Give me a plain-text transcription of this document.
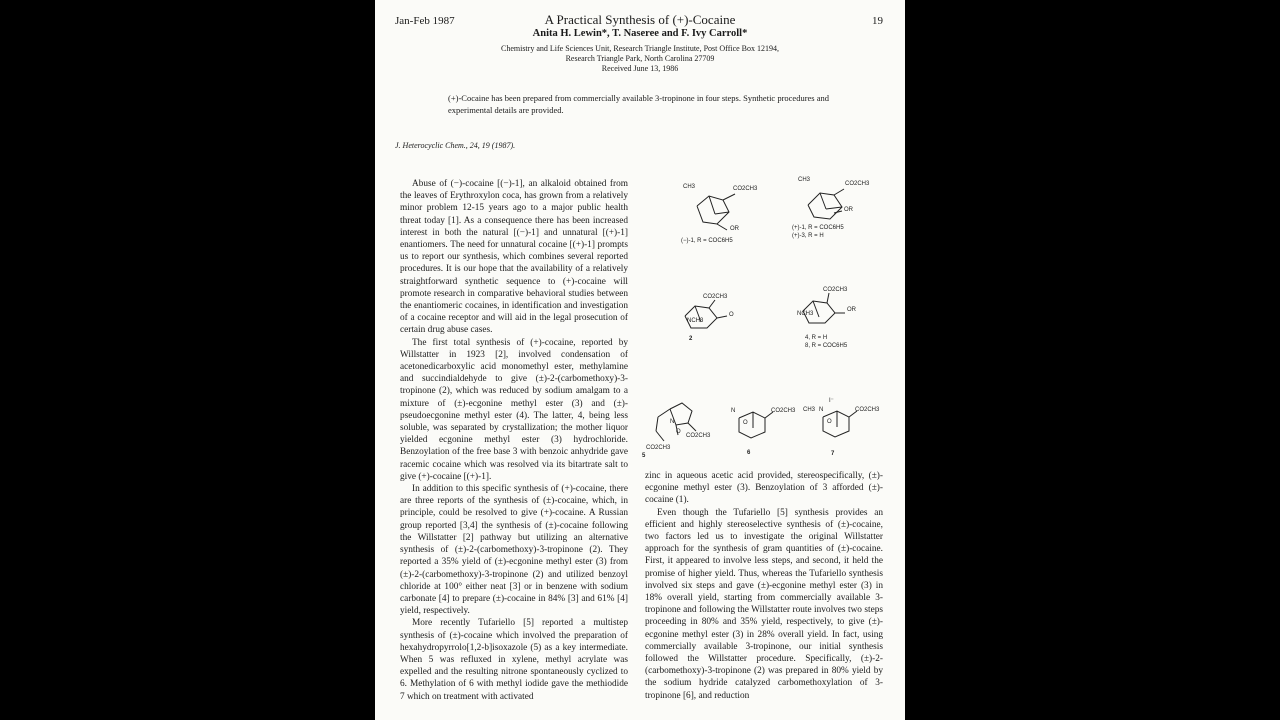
Jan-Feb 1987	A Practical Synthesis of (+)-Cocaine	19
Anita H. Lewin*, T. Naseree and F. Ivy Carroll*
Chemistry and Life Sciences Unit, Research Triangle Institute, Post Office Box 12194,
Research Triangle Park, North Carolina 27709
Received June 13, 1986
(+)-Cocaine has been prepared from commercially available 3-tropinone in four steps. Synthetic procedures and experimental details are provided.
J. Heterocyclic Chem., 24, 19 (1987).

Abuse of (−)-cocaine [(−)-1], an alkaloid obtained from the leaves of Erythroxylon coca, has grown from a relatively minor problem 12-15 years ago to a major public health threat today [1]. As a consequence there has been increased interest in both the natural [(−)-1] and unnatural [(+)-1] enantiomers. The need for unnatural cocaine [(+)-1] prompts us to report our synthesis, which combines several reported procedures. It is our hope that the availability of a relatively straightforward synthetic sequence to (+)-cocaine will promote research in comparative behavioral studies between the enantiomeric cocaines, in identification and investigation of a cocaine receptor and will aid in the legal prosecution of certain drug abuse cases.

The first total synthesis of (+)-cocaine, reported by Willstatter in 1923 [2], involved condensation of acetonedicarboxylic acid monomethyl ester, methylamine and succindialdehyde to give (±)-2-(carbomethoxy)-3-tropinone (2), which was reduced by sodium amalgam to a mixture of (±)-ecgonine methyl ester (3) and (±)-pseudoecgonine methyl ester (4). The latter, 4, being less soluble, was separated by crystallization; the mother liquor yielded ecgonine methyl ester (3) hydrochloride. Benzoylation of the free base 3 with benzoic anhydride gave racemic cocaine which was resolved via its bitartrate salt to give (+)-cocaine [(+)-1].

In addition to this specific synthesis of (+)-cocaine, there are three reports of the synthesis of (±)-cocaine, which, in principle, could be resolved to give (+)-cocaine. A Russian group reported [3,4] the synthesis of (±)-cocaine following the Willstatter [2] pathway but utilizing an alternative synthesis of (±)-2-(carbomethoxy)-3-tropinone (2). They reported a 35% yield of (±)-ecgonine methyl ester (3) from (±)-2-(carbomethoxy)-3-tropinone (2) and utilized benzoyl chloride at 100° either neat [3] or in benzene with sodium carbonate [4] to prepare (±)-cocaine in 84% [3] and 61% [4] yield, respectively.

More recently Tufariello [5] reported a multistep synthesis of (±)-cocaine which involved the preparation of hexahydropyrrolo[1,2-b]isoxazole (5) as a key intermediate. When 5 was refluxed in xylene, methyl acrylate was expelled and the resulting nitrone spontaneously cyclized to 6. Methylation of 6 with methyl iodide gave the methiodide 7 which on treatment with activated

CH3	CO2CH3
OR
(−)-1, R = COC6H5
CH3
CO2CH3
OR
(+)-1, R = COC6H5
(+)-3, R = H
CO2CH3
NCH3
O
2
CO2CH3
NCH3
OR
4, R = H
8, R = COC6H5
N
O
CO2CH3
CO2CH3
5
N
O
CO2CH3
6
CH3 N
I⁻
O
CO2CH3
7

zinc in aqueous acetic acid provided, stereospecifically, (±)-ecgonine methyl ester (3). Benzoylation of 3 afforded (±)-cocaine (1).

Even though the Tufariello [5] synthesis provides an efficient and highly stereoselective synthesis of (±)-cocaine, two factors led us to investigate the original Willstatter approach for the synthesis of gram quantities of (±)-cocaine. First, it appeared to involve less steps, and second, it held the promise of higher yield. Thus, whereas the Tufariello synthesis involved six steps and gave (±)-ecgonine methyl ester (3) in 18% overall yield, starting from commercially available 3-tropinone and following the Willstatter route involves two steps proceeding in 80% and 35% yield, respectively, to give (±)-ecgonine methyl ester (3) in 28% overall yield. In fact, using commercially available 3-tropinone, our initial synthesis followed the Willstatter procedure. Specifically, (±)-2-(carbomethoxy)-3-tropinone (2) was prepared in 80% yield by the sodium hydride catalyzed carbomethoxylation of 3-tropinone [6], and reduction
